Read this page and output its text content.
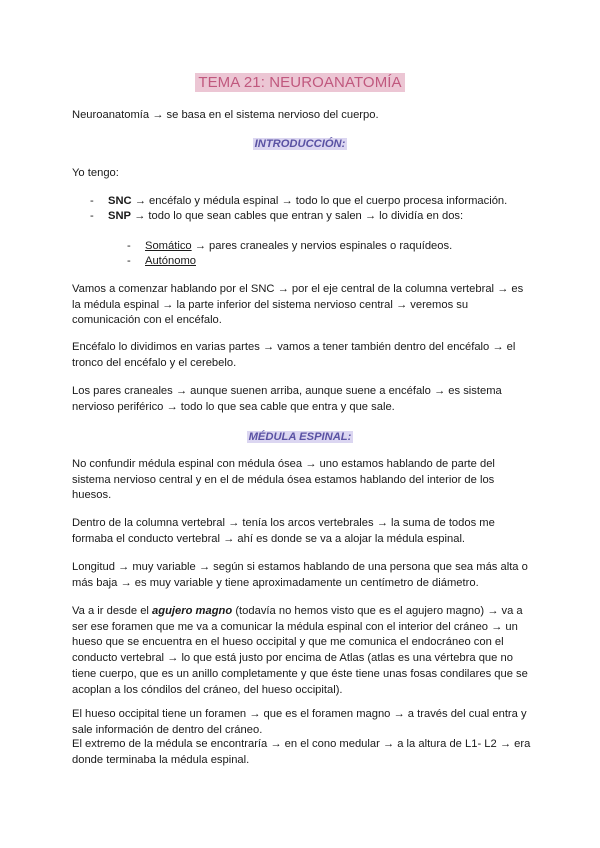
TEMA 21: NEUROANATOMÍA

Neuroanatomía → se basa en el sistema nervioso del cuerpo.

INTRODUCCIÓN:

Yo tengo:

- SNC → encéfalo y médula espinal → todo lo que el cuerpo procesa información.
- SNP → todo lo que sean cables que entran y salen → lo dividía en dos:
- Somático → pares craneales y nervios espinales o raquídeos.
- Autónomo

Vamos a comenzar hablando por el SNC → por el eje central de la columna vertebral → es la médula espinal → la parte inferior del sistema nervioso central → veremos su comunicación con el encéfalo.

Encéfalo lo dividimos en varias partes → vamos a tener también dentro del encéfalo → el tronco del encéfalo y el cerebelo.

Los pares craneales → aunque suenen arriba, aunque suene a encéfalo → es sistema nervioso periférico → todo lo que sea cable que entra y que sale.

MÉDULA ESPINAL:

No confundir médula espinal con médula ósea → uno estamos hablando de parte del sistema nervioso central y en el de médula ósea estamos hablando del interior de los huesos.

Dentro de la columna vertebral → tenía los arcos vertebrales → la suma de todos me formaba el conducto vertebral → ahí es donde se va a alojar la médula espinal.

Longitud → muy variable → según si estamos hablando de una persona que sea más alta o más baja → es muy variable y tiene aproximadamente un centímetro de diámetro.

Va a ir desde el agujero magno (todavía no hemos visto que es el agujero magno) → va a ser ese foramen que me va a comunicar la médula espinal con el interior del cráneo → un hueso que se encuentra en el hueso occipital y que me comunica el endocráneo con el conducto vertebral → lo que está justo por encima de Atlas (atlas es una vértebra que no tiene cuerpo, que es un anillo completamente y que éste tiene unas fosas condilares que se acoplan a los cóndilos del cráneo, del hueso occipital).

El hueso occipital tiene un foramen → que es el foramen magno → a través del cual entra y sale información de dentro del cráneo.

El extremo de la médula se encontraría → en el cono medular → a la altura de L1- L2 → era donde terminaba la médula espinal.
